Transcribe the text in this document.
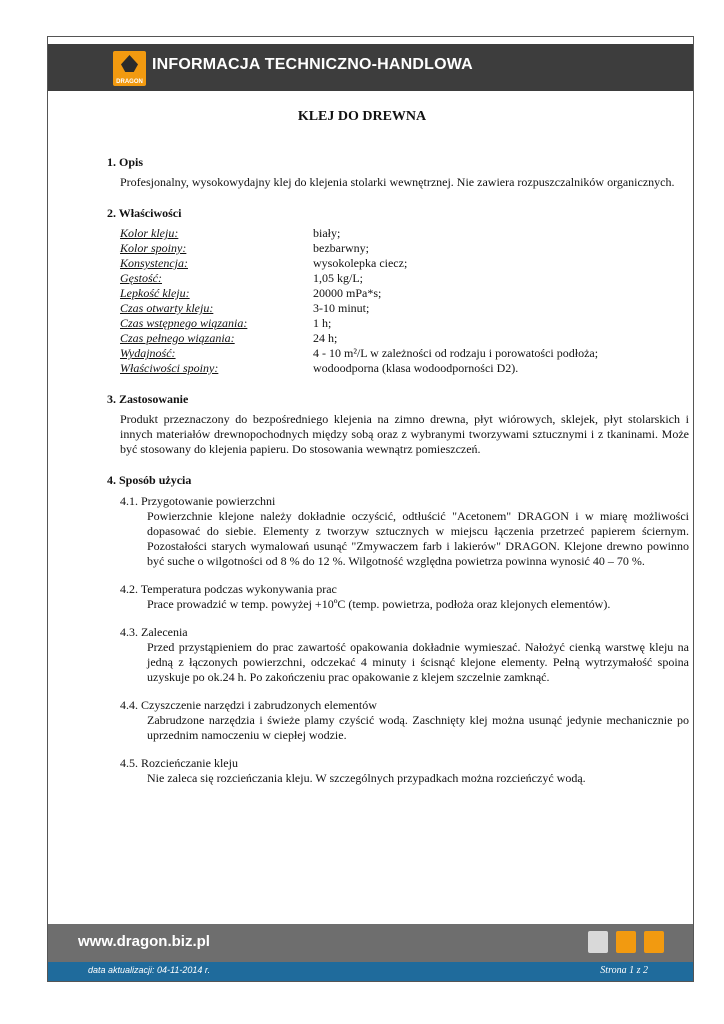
DRAGON
INFORMACJA TECHNICZNO-HANDLOWA
KLEJ DO DREWNA
1. Opis
Profesjonalny, wysokowydajny klej do klejenia stolarki wewnętrznej. Nie zawiera rozpuszczalników organicznych.
2. Właściwości
Kolor kleju:	biały;
Kolor spoiny:	bezbarwny;
Konsystencja:	wysokolepka ciecz;
Gęstość:	1,05 kg/L;
Lepkość kleju:	20000 mPa*s;
Czas otwarty kleju:	3-10 minut;
Czas wstępnego wiązania:	1 h;
Czas pełnego wiązania:	24 h;
Wydajność:	4 - 10 m²/L w zależności od rodzaju i porowatości podłoża;
Właściwości spoiny:	wodoodporna (klasa wodoodporności D2).
3. Zastosowanie
Produkt przeznaczony do bezpośredniego klejenia na zimno drewna, płyt wiórowych, sklejek, płyt stolarskich i innych materiałów drewnopochodnych między sobą oraz z wybranymi tworzywami sztucznymi i z tkaninami. Może być stosowany do klejenia papieru. Do stosowania wewnątrz pomieszczeń.
4. Sposób użycia
4.1. Przygotowanie powierzchni
Powierzchnie klejone należy dokładnie oczyścić, odtłuścić "Acetonem" DRAGON i w miarę możliwości dopasować do siebie. Elementy z tworzyw sztucznych w miejscu łączenia przetrzeć papierem ściernym. Pozostałości starych wymalowań usunąć "Zmywaczem farb i lakierów" DRAGON. Klejone drewno powinno być suche o wilgotności od 8 % do 12 %. Wilgotność względna powietrza powinna wynosić 40 – 70 %.
4.2. Temperatura podczas wykonywania prac
Prace prowadzić w temp. powyżej +10ºC (temp. powietrza, podłoża oraz klejonych elementów).
4.3. Zalecenia
Przed przystąpieniem do prac zawartość opakowania dokładnie wymieszać. Nałożyć cienką warstwę kleju na jedną z łączonych powierzchni, odczekać 4 minuty i ścisnąć klejone elementy. Pełną wytrzymałość spoina uzyskuje po ok.24 h. Po zakończeniu prac opakowanie z klejem szczelnie zamknąć.
4.4. Czyszczenie narzędzi i zabrudzonych elementów
Zabrudzone narzędzia i świeże plamy czyścić wodą. Zaschnięty klej można usunąć jedynie mechanicznie po uprzednim namoczeniu w ciepłej wodzie.
4.5. Rozcieńczanie kleju
Nie zaleca się rozcieńczania kleju. W szczególnych przypadkach można rozcieńczyć wodą.
www.dragon.biz.pl
data aktualizacji: 04-11-2014 r.	Strona 1 z 2
